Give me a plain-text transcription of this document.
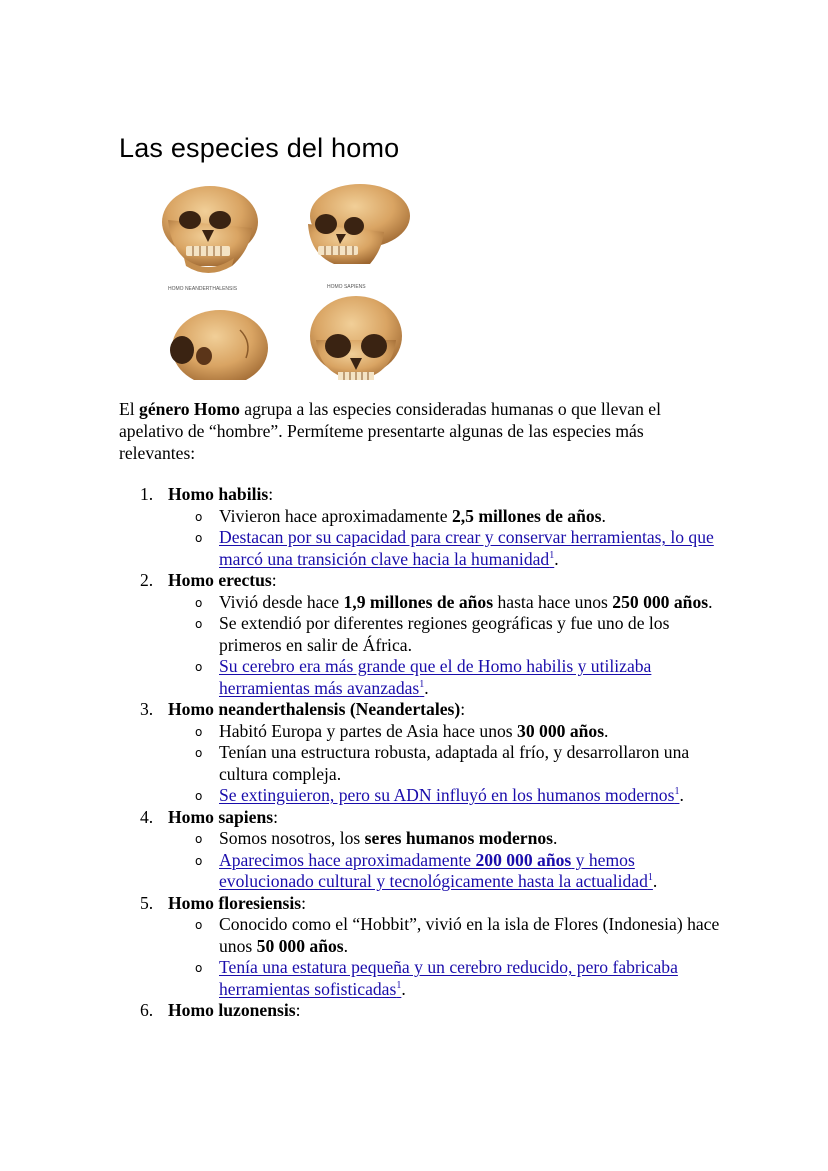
Las especies del homo
HOMO NEANDERTHALENSIS	HOMO SAPIENS

El género Homo agrupa a las especies consideradas humanas o que llevan el apelativo de “hombre”. Permíteme presentarte algunas de las especies más relevantes:

1. Homo habilis:
o Vivieron hace aproximadamente 2,5 millones de años.
o Destacan por su capacidad para crear y conservar herramientas, lo que marcó una transición clave hacia la humanidad$^1$.
2. Homo erectus:
o Vivió desde hace 1,9 millones de años hasta hace unos 250 000 años.
o Se extendió por diferentes regiones geográficas y fue uno de los primeros en salir de África.
o Su cerebro era más grande que el de Homo habilis y utilizaba herramientas más avanzadas$^1$.
3. Homo neanderthalensis (Neandertales):
o Habitó Europa y partes de Asia hace unos 30 000 años.
o Tenían una estructura robusta, adaptada al frío, y desarrollaron una cultura compleja.
o Se extinguieron, pero su ADN influyó en los humanos modernos$^1$.
4. Homo sapiens:
o Somos nosotros, los seres humanos modernos.
o Aparecimos hace aproximadamente 200 000 años y hemos evolucionado cultural y tecnológicamente hasta la actualidad$^1$.
5. Homo floresiensis:
o Conocido como el “Hobbit”, vivió en la isla de Flores (Indonesia) hace unos 50 000 años.
o Tenía una estatura pequeña y un cerebro reducido, pero fabricaba herramientas sofisticadas$^1$.
6. Homo luzonensis:
